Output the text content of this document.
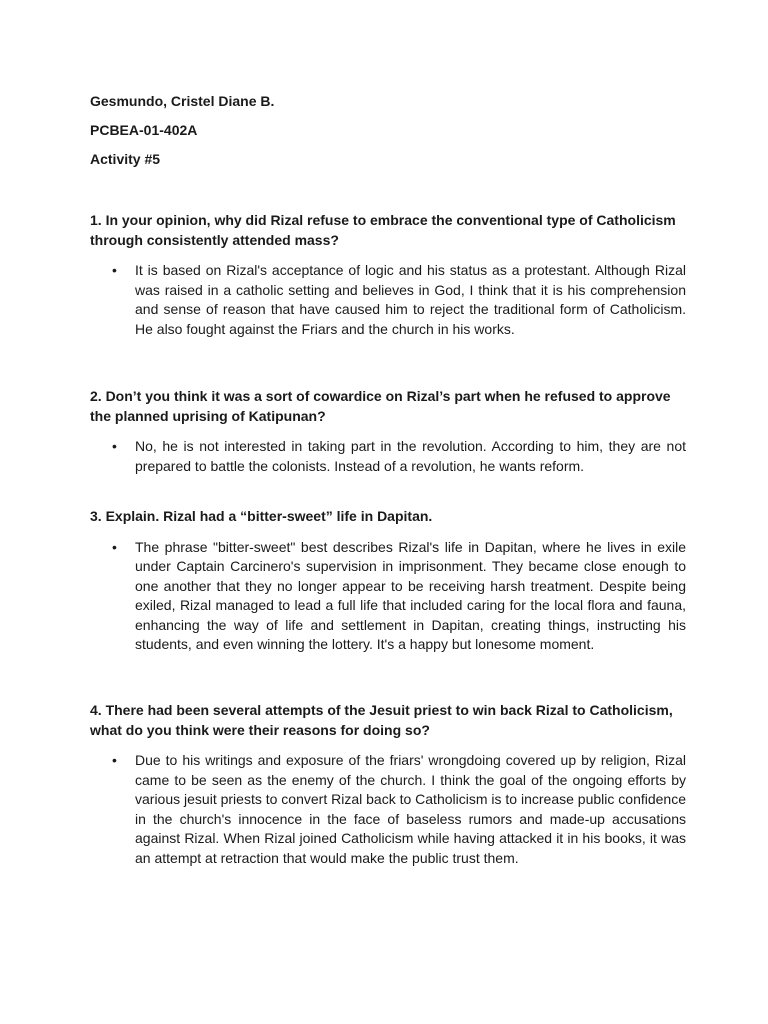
Gesmundo, Cristel Diane B.

PCBEA-01-402A

Activity #5

1. In your opinion, why did Rizal refuse to embrace the conventional type of Catholicism through consistently attended mass?

• It is based on Rizal's acceptance of logic and his status as a protestant. Although Rizal was raised in a catholic setting and believes in God, I think that it is his comprehension and sense of reason that have caused him to reject the traditional form of Catholicism. He also fought against the Friars and the church in his works.

2. Don’t you think it was a sort of cowardice on Rizal’s part when he refused to approve the planned uprising of Katipunan?

• No, he is not interested in taking part in the revolution. According to him, they are not prepared to battle the colonists. Instead of a revolution, he wants reform.

3. Explain. Rizal had a “bitter-sweet” life in Dapitan.

• The phrase "bitter-sweet" best describes Rizal's life in Dapitan, where he lives in exile under Captain Carcinero's supervision in imprisonment. They became close enough to one another that they no longer appear to be receiving harsh treatment. Despite being exiled, Rizal managed to lead a full life that included caring for the local flora and fauna, enhancing the way of life and settlement in Dapitan, creating things, instructing his students, and even winning the lottery. It's a happy but lonesome moment.

4. There had been several attempts of the Jesuit priest to win back Rizal to Catholicism, what do you think were their reasons for doing so?

• Due to his writings and exposure of the friars' wrongdoing covered up by religion, Rizal came to be seen as the enemy of the church. I think the goal of the ongoing efforts by various jesuit priests to convert Rizal back to Catholicism is to increase public confidence in the church's innocence in the face of baseless rumors and made-up accusations against Rizal. When Rizal joined Catholicism while having attacked it in his books, it was an attempt at retraction that would make the public trust them.
